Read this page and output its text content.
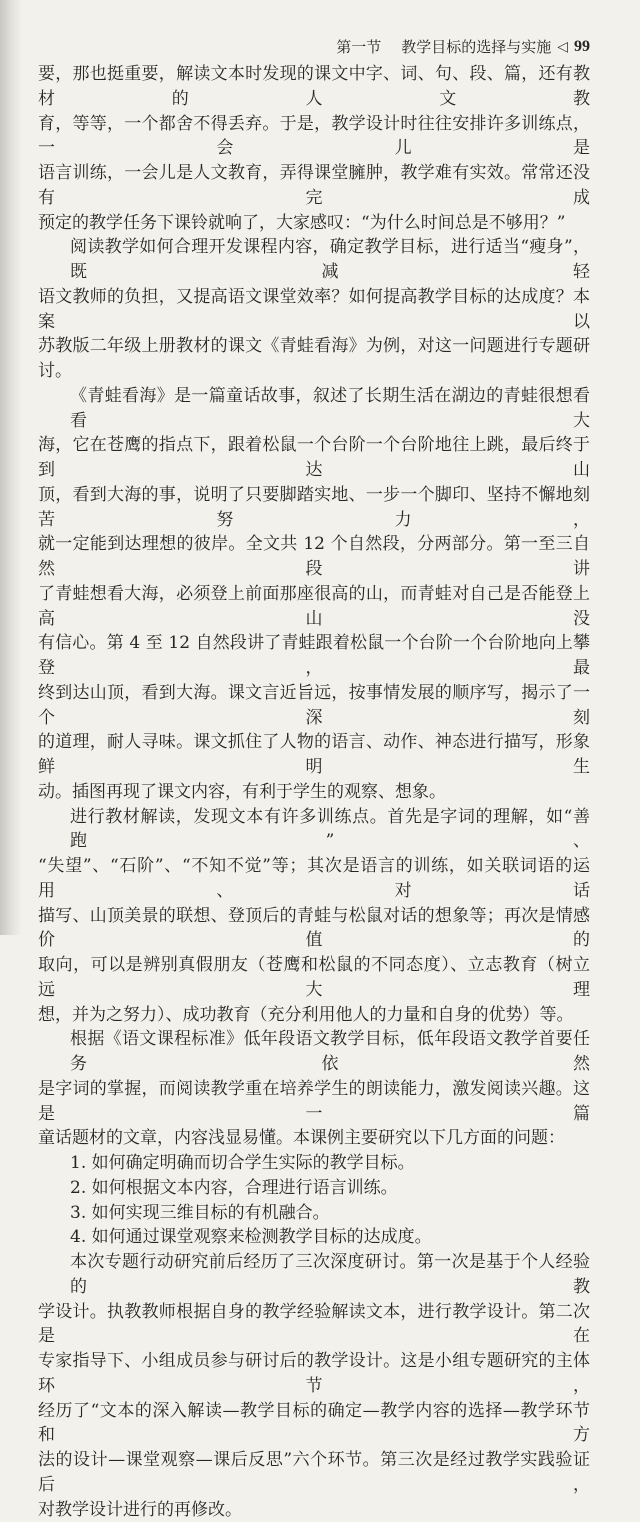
第一节 教学目标的选择与实施 ◁ 99
要，那也挺重要，解读文本时发现的课文中字、词、句、段、篇，还有教材的人文教
育，等等，一个都舍不得丢弃。于是，教学设计时往往安排许多训练点，一会儿是
语言训练，一会儿是人文教育，弄得课堂臃肿，教学难有实效。常常还没有完成
预定的教学任务下课铃就响了，大家感叹：“为什么时间总是不够用？”
阅读教学如何合理开发课程内容，确定教学目标，进行适当“瘦身”，既减轻
语文教师的负担，又提高语文课堂效率？如何提高教学目标的达成度？本案以
苏教版二年级上册教材的课文《青蛙看海》为例，对这一问题进行专题研讨。
《青蛙看海》是一篇童话故事，叙述了长期生活在湖边的青蛙很想看看大
海，它在苍鹰的指点下，跟着松鼠一个台阶一个台阶地往上跳，最后终于到达山
顶，看到大海的事，说明了只要脚踏实地、一步一个脚印、坚持不懈地刻苦努力，
就一定能到达理想的彼岸。全文共 12 个自然段，分两部分。第一至三自然段讲
了青蛙想看大海，必须登上前面那座很高的山，而青蛙对自己是否能登上高山没
有信心。第 4 至 12 自然段讲了青蛙跟着松鼠一个台阶一个台阶地向上攀登，最
终到达山顶，看到大海。课文言近旨远，按事情发展的顺序写，揭示了一个深刻
的道理，耐人寻味。课文抓住了人物的语言、动作、神态进行描写，形象鲜明生
动。插图再现了课文内容，有利于学生的观察、想象。
进行教材解读，发现文本有许多训练点。首先是字词的理解，如“善跑”、
“失望”、“石阶”、“不知不觉”等；其次是语言的训练，如关联词语的运用、对话
描写、山顶美景的联想、登顶后的青蛙与松鼠对话的想象等；再次是情感价值的
取向，可以是辨别真假朋友（苍鹰和松鼠的不同态度）、立志教育（树立远大理
想，并为之努力）、成功教育（充分利用他人的力量和自身的优势）等。
根据《语文课程标准》低年段语文教学目标，低年段语文教学首要任务依然
是字词的掌握，而阅读教学重在培养学生的朗读能力，激发阅读兴趣。这是一篇
童话题材的文章，内容浅显易懂。本课例主要研究以下几方面的问题：
1. 如何确定明确而切合学生实际的教学目标。
2. 如何根据文本内容，合理进行语言训练。
3. 如何实现三维目标的有机融合。
4. 如何通过课堂观察来检测教学目标的达成度。
本次专题行动研究前后经历了三次深度研讨。第一次是基于个人经验的教
学设计。执教教师根据自身的教学经验解读文本，进行教学设计。第二次是在
专家指导下、小组成员参与研讨后的教学设计。这是小组专题研究的主体环节，
经历了“文本的深入解读—教学目标的确定—教学内容的选择—教学环节和方
法的设计—课堂观察—课后反思”六个环节。第三次是经过教学实践验证后，
对教学设计进行的再修改。
